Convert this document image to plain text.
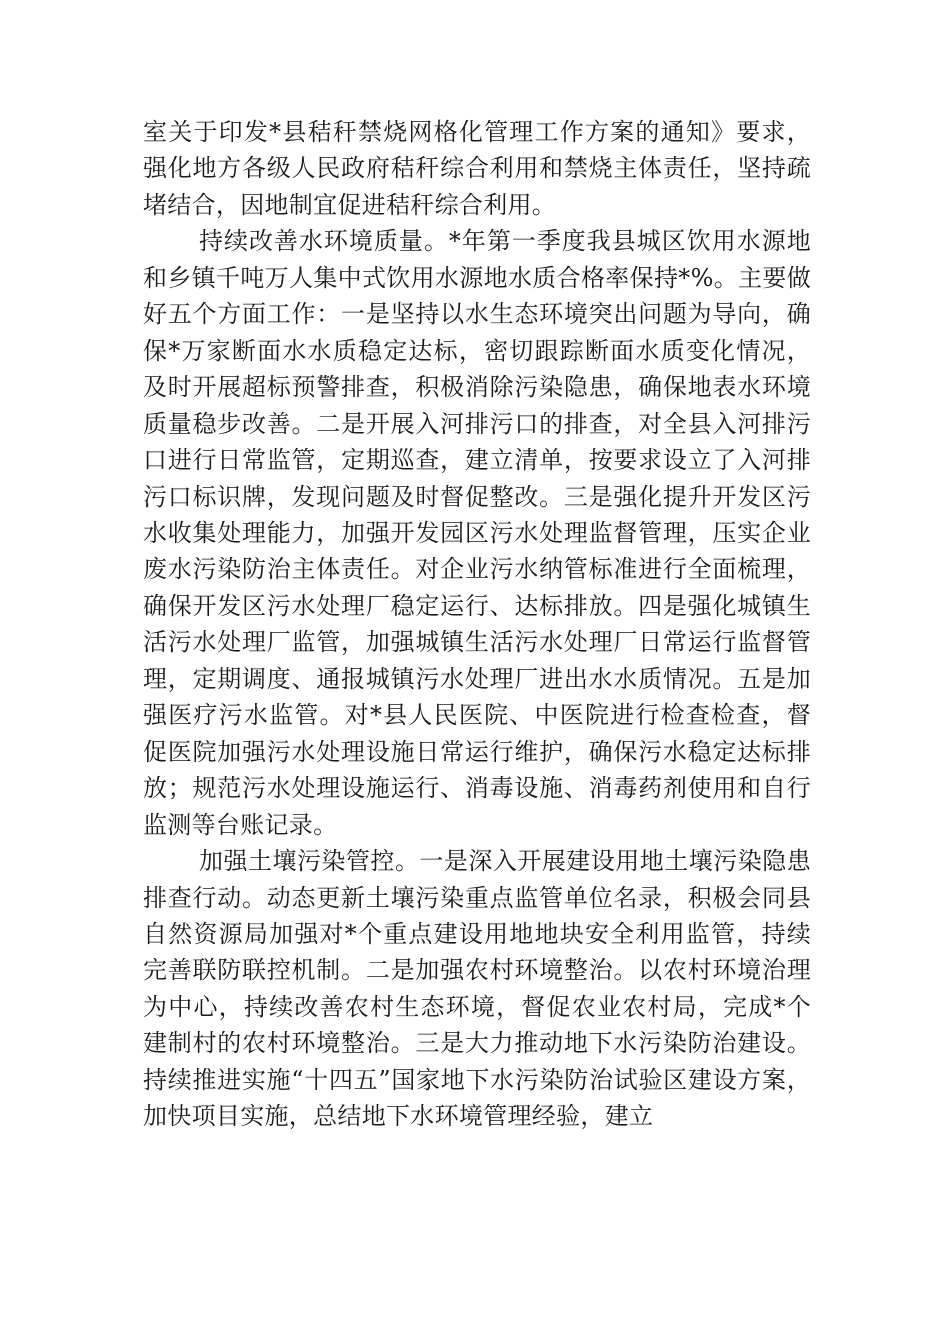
室关于印发*县秸秆禁烧网格化管理工作方案的通知》要求，强化地方各级人民政府秸秆综合利用和禁烧主体责任，坚持疏堵结合，因地制宜促进秸秆综合利用。

持续改善水环境质量。*年第一季度我县城区饮用水源地和乡镇千吨万人集中式饮用水源地水质合格率保持*%。主要做好五个方面工作：一是坚持以水生态环境突出问题为导向，确保*万家断面水水质稳定达标，密切跟踪断面水质变化情况，及时开展超标预警排查，积极消除污染隐患，确保地表水环境质量稳步改善。二是开展入河排污口的排查，对全县入河排污口进行日常监管，定期巡查，建立清单，按要求设立了入河排污口标识牌，发现问题及时督促整改。三是强化提升开发区污水收集处理能力，加强开发园区污水处理监督管理，压实企业废水污染防治主体责任。对企业污水纳管标准进行全面梳理，确保开发区污水处理厂稳定运行、达标排放。四是强化城镇生活污水处理厂监管，加强城镇生活污水处理厂日常运行监督管理，定期调度、通报城镇污水处理厂进出水水质情况。五是加强医疗污水监管。对*县人民医院、中医院进行检查检查，督促医院加强污水处理设施日常运行维护，确保污水稳定达标排放；规范污水处理设施运行、消毒设施、消毒药剂使用和自行监测等台账记录。

加强土壤污染管控。一是深入开展建设用地土壤污染隐患排查行动。动态更新土壤污染重点监管单位名录，积极会同县自然资源局加强对*个重点建设用地地块安全利用监管，持续完善联防联控机制。二是加强农村环境整治。以农村环境治理为中心，持续改善农村生态环境，督促农业农村局，完成*个建制村的农村环境整治。三是大力推动地下水污染防治建设。持续推进实施“十四五”国家地下水污染防治试验区建设方案，加快项目实施，总结地下水环境管理经验，建立
